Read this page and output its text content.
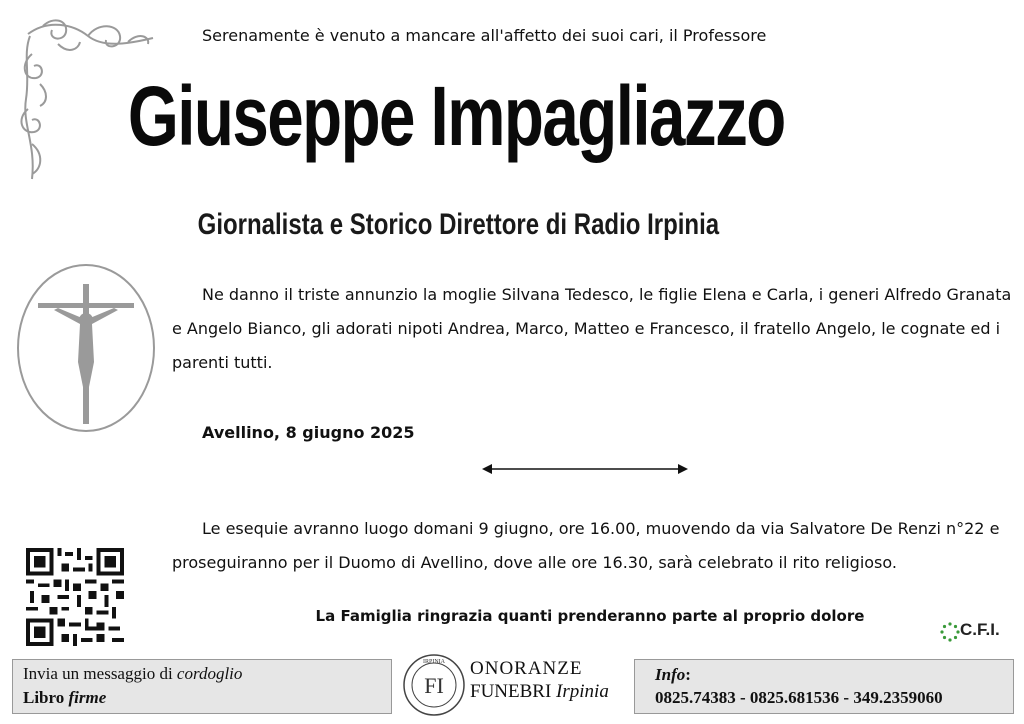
Serenamente è venuto a mancare all'affetto dei suoi cari, il Professore
Giuseppe Impagliazzo
Giornalista e Storico Direttore di Radio Irpinia
Ne danno il triste annunzio la moglie Silvana Tedesco, le figlie Elena e Carla, i generi Alfredo Granata e Angelo Bianco, gli adorati nipoti Andrea, Marco, Matteo e Francesco, il fratello Angelo, le cognate ed i parenti tutti.
Avellino, 8 giugno 2025
Le esequie avranno luogo domani 9 giugno, ore 16.00, muovendo da via Salvatore De Renzi n°22 e proseguiranno per il Duomo di Avellino, dove alle ore 16.30, sarà celebrato il rito religioso.
La Famiglia ringrazia quanti prenderanno parte al proprio dolore
C.F.I.
Invia un messaggio di cordoglio
Libro firme
IRPINIA
FI
ONORANZE
FUNEBRI Irpinia
Info:
0825.74383 - 0825.681536 - 349.2359060
